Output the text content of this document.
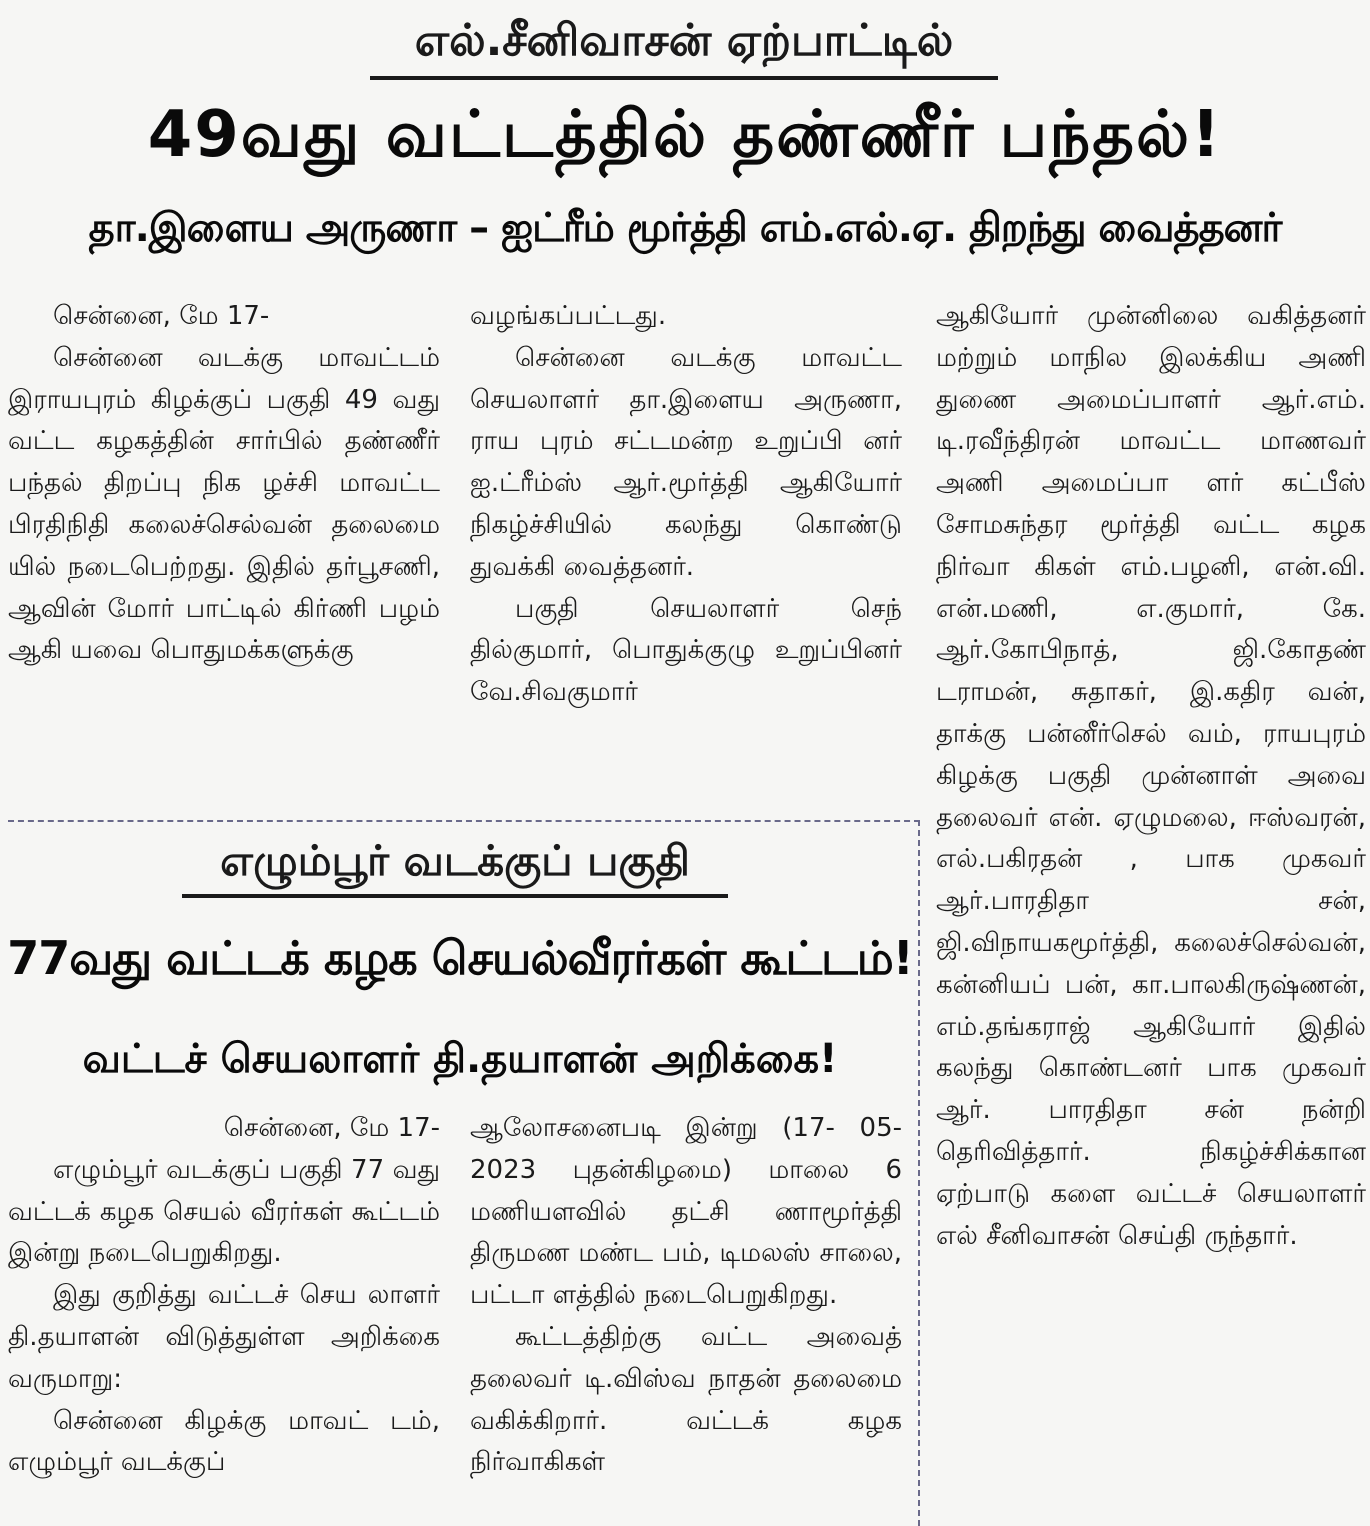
எல்.சீனிவாசன் ஏற்பாட்டில்
49வது வட்டத்தில் தண்ணீர் பந்தல்!
தா.இளைய அருணா – ஐட்ரீம் மூர்த்தி எம்.எல்.ஏ. திறந்து வைத்தனர்

சென்னை, மே 17-

சென்னை வடக்கு மாவட்டம் இராயபுரம் கிழக்குப் பகுதி 49 வது வட்ட கழகத்தின் சார்பில் தண்ணீர் பந்தல் திறப்பு நிக ழச்சி மாவட்ட பிரதிநிதி கலைச்செல்வன் தலைமை யில் நடைபெற்றது. இதில் தர்பூசணி, ஆவின் மோர் பாட்டில் கிர்ணி பழம் ஆகி யவை பொதுமக்களுக்கு

வழங்கப்பட்டது.

சென்னை வடக்கு மாவட்ட செயலாளர் தா.இளைய அருணா, ராய புரம் சட்டமன்ற உறுப்பி னர் ஐ.ட்ரீம்ஸ் ஆர்.மூர்த்தி ஆகியோர் நிகழ்ச்சியில் கலந்து கொண்டு துவக்கி வைத்தனர்.

பகுதி செயலாளர் செந் தில்குமார், பொதுக்குழு உறுப்பினர் வே.சிவகுமார்

ஆகியோர் முன்னிலை வகித்தனர் மற்றும் மாநில இலக்கிய அணி துணை அமைப்பாளர் ஆர்.எம். டி.ரவீந்திரன் மாவட்ட மாணவர் அணி அமைப்பா ளர் கட்பீஸ் சோமசுந்தர மூர்த்தி வட்ட கழக நிர்வா கிகள் எம்.பழனி, என்.வி. என்.மணி, எ.குமார், கே. ஆர்.கோபிநாத், ஜி.கோதண் டராமன், சுதாகர், இ.கதிர வன், தாக்கு பன்னீர்செல் வம், ராயபுரம் கிழக்கு பகுதி முன்னாள் அவை தலைவர் என். ஏழுமலை, ஈஸ்வரன், எல்.பகிரதன் , பாக முகவர் ஆர்.பாரதிதா சன், ஜி.விநாயகமூர்த்தி, கலைச்செல்வன், கன்னியப் பன், கா.பாலகிருஷ்ணன், எம்.தங்கராஜ் ஆகியோர் இதில் கலந்து கொண்டனர் பாக முகவர் ஆர். பாரதிதா சன் நன்றி தெரிவித்தார். நிகழ்ச்சிக்கான ஏற்பாடு களை வட்டச் செயலாளர் எல் சீனிவாசன் செய்தி ருந்தார்.

எழும்பூர் வடக்குப் பகுதி
77வது வட்டக் கழக செயல்வீரர்கள் கூட்டம்!
வட்டச் செயலாளர் தி.தயாளன் அறிக்கை!

சென்னை, மே 17-

எழும்பூர் வடக்குப் பகுதி 77 வது வட்டக் கழக செயல் வீரர்கள் கூட்டம் இன்று நடைபெறுகிறது.

இது குறித்து வட்டச் செய லாளர் தி.தயாளன் விடுத்துள்ள அறிக்கை வருமாறு:

சென்னை கிழக்கு மாவட் டம், எழும்பூர் வடக்குப்

ஆலோசனைபடி இன்று (17- 05-2023 புதன்கிழமை) மாலை 6 மணியளவில் தட்சி ணாமூர்த்தி திருமண மண்ட பம், டிமலஸ் சாலை, பட்டா ளத்தில் நடைபெறுகிறது.

கூட்டத்திற்கு வட்ட அவைத் தலைவர் டி.விஸ்வ நாதன் தலைமை வகிக்கிறார். வட்டக் கழக நிர்வாகிகள்
